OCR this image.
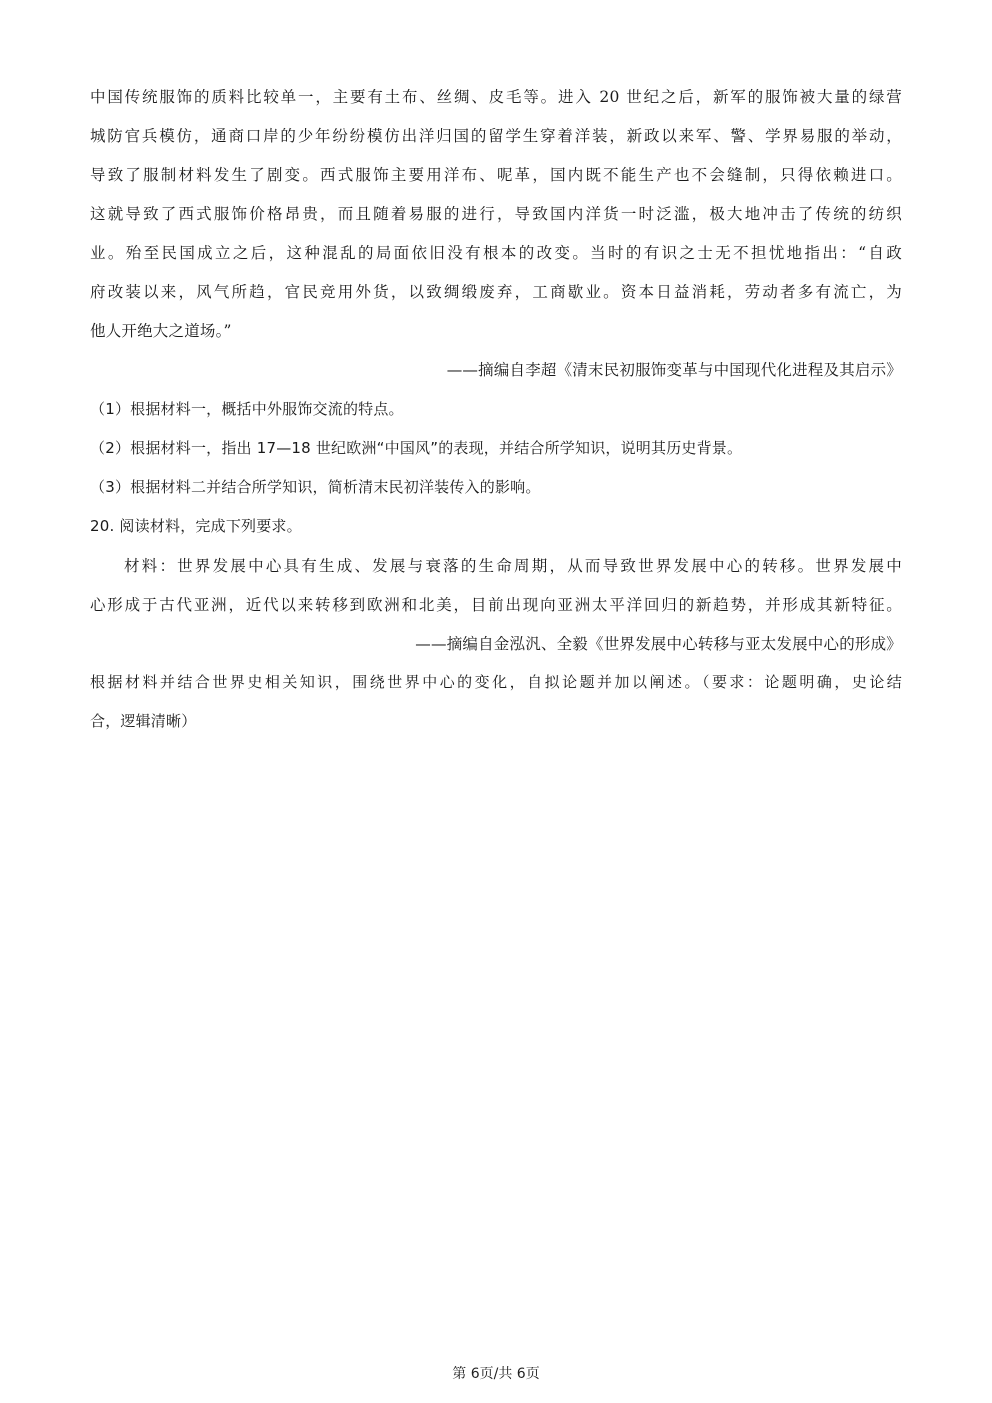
中国传统服饰的质料比较单一，主要有土布、丝绸、皮毛等。进入 20 世纪之后，新军的服饰被大量的绿营
城防官兵模仿，通商口岸的少年纷纷模仿出洋归国的留学生穿着洋装，新政以来军、警、学界易服的举动，
导致了服制材料发生了剧变。西式服饰主要用洋布、呢革，国内既不能生产也不会缝制，只得依赖进口。
这就导致了西式服饰价格昂贵，而且随着易服的进行，导致国内洋货一时泛滥，极大地冲击了传统的纺织
业。殆至民国成立之后，这种混乱的局面依旧没有根本的改变。当时的有识之士无不担忧地指出：“自政
府改装以来，风气所趋，官民竞用外货，以致绸缎废弃，工商歇业。资本日益消耗，劳动者多有流亡，为
他人开绝大之道场。”
——摘编自李超《清末民初服饰变革与中国现代化进程及其启示》
（1）根据材料一，概括中外服饰交流的特点。
（2）根据材料一，指出 17—18 世纪欧洲“中国风”的表现，并结合所学知识，说明其历史背景。
（3）根据材料二并结合所学知识，简析清末民初洋装传入的影响。
20. 阅读材料，完成下列要求。
材料：世界发展中心具有生成、发展与衰落的生命周期，从而导致世界发展中心的转移。世界发展中
心形成于古代亚洲，近代以来转移到欧洲和北美，目前出现向亚洲太平洋回归的新趋势，并形成其新特征。
——摘编自金泓汎、全毅《世界发展中心转移与亚太发展中心的形成》
根据材料并结合世界史相关知识，围绕世界中心的变化，自拟论题并加以阐述。（要求：论题明确，史论结
合，逻辑清晰）
第 6页/共 6页
